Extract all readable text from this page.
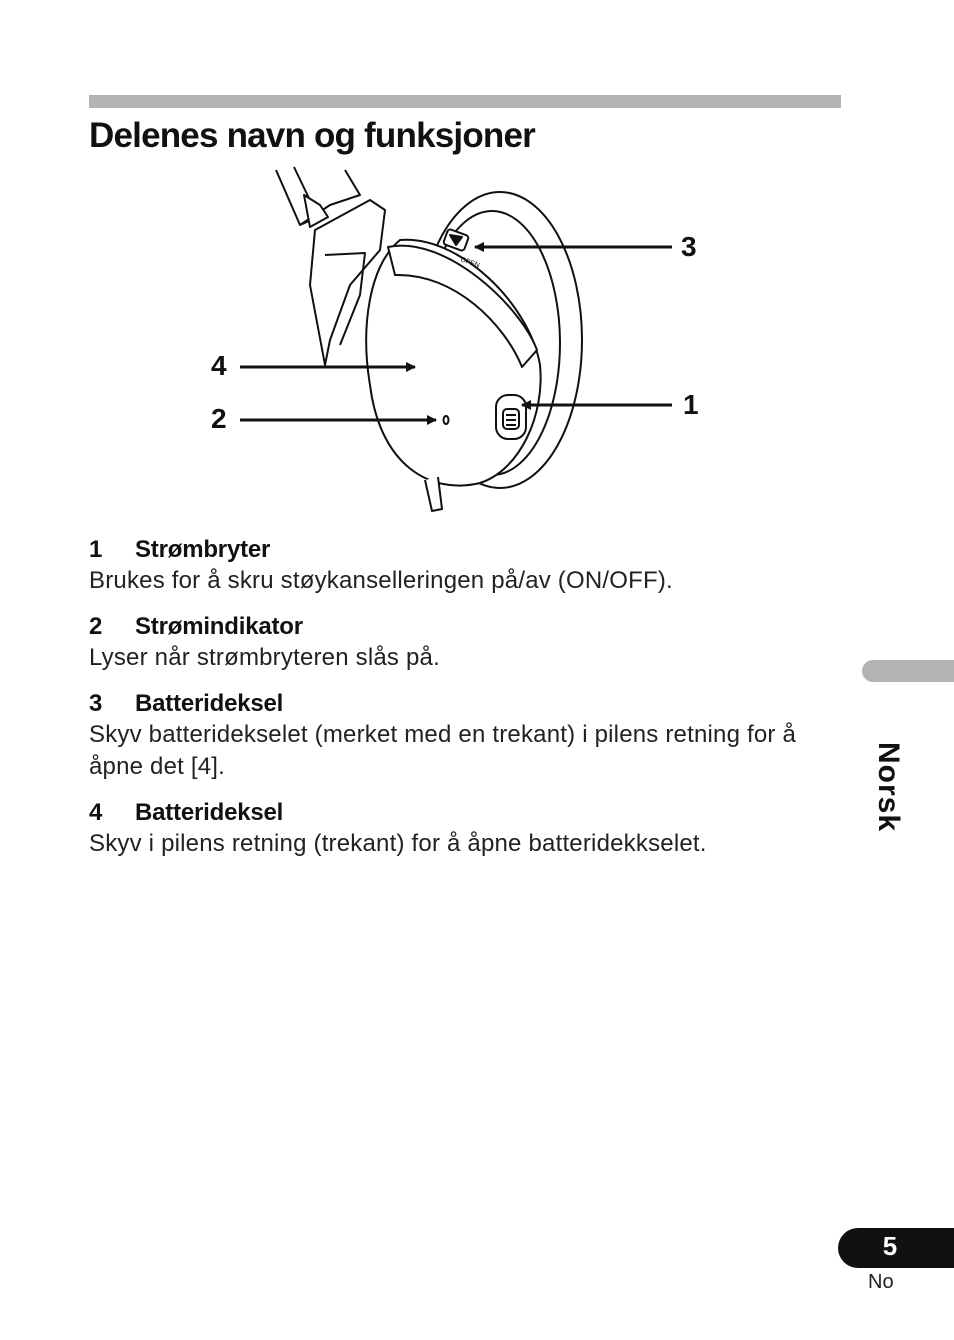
Delenes navn og funksjoner
OPEN
3
4
2	1
1 Strømbryter
Brukes for å skru støykanselleringen på/av (ON/OFF).
2 Strømindikator
Lyser når strømbryteren slås på.
3 Batterideksel
Skyv batteridekselet (merket med en trekant) i pilens retning for å åpne det [4].
4 Batterideksel
Skyv i pilens retning (trekant) for å åpne batteridekkselet.
Norsk
5
No
